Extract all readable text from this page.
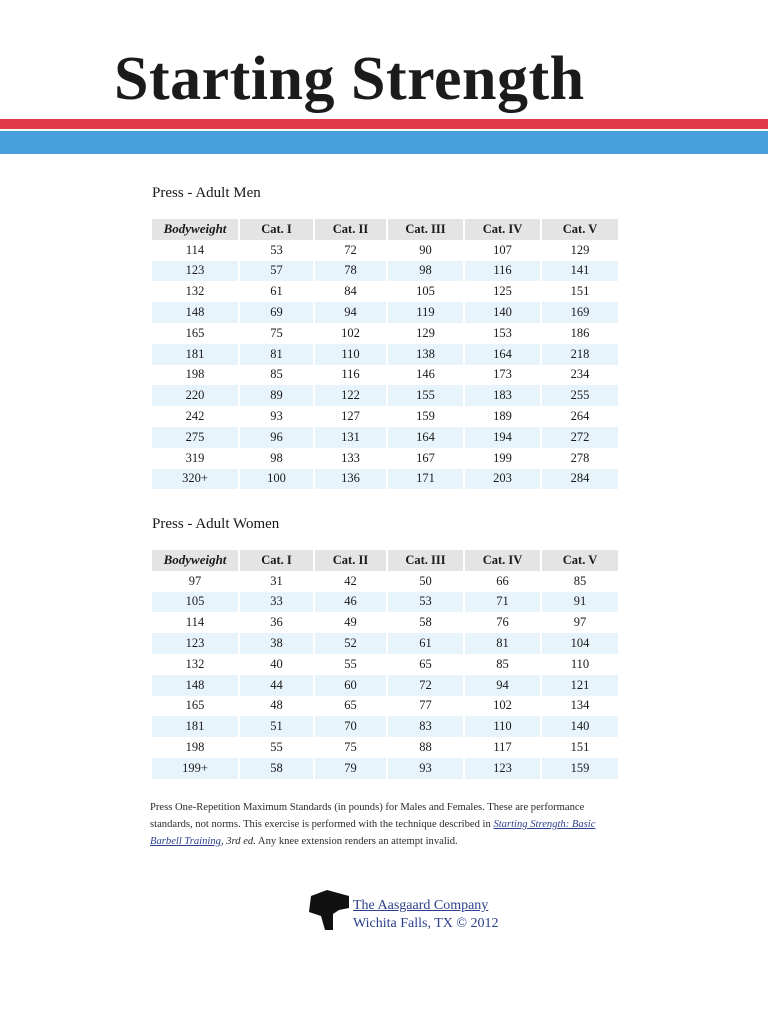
Starting Strength
Press - Adult Men
Bodyweight	Cat. I	Cat. II	Cat. III	Cat. IV	Cat. V
114	53	72	90	107	129
123	57	78	98	116	141
132	61	84	105	125	151
148	69	94	119	140	169
165	75	102	129	153	186
181	81	110	138	164	218
198	85	116	146	173	234
220	89	122	155	183	255
242	93	127	159	189	264
275	96	131	164	194	272
319	98	133	167	199	278
320+	100	136	171	203	284
Press - Adult Women
Bodyweight	Cat. I	Cat. II	Cat. III	Cat. IV	Cat. V
97	31	42	50	66	85
105	33	46	53	71	91
114	36	49	58	76	97
123	38	52	61	81	104
132	40	55	65	85	110
148	44	60	72	94	121
165	48	65	77	102	134
181	51	70	83	110	140
198	55	75	88	117	151
199+	58	79	93	123	159
Press One-Repetition Maximum Standards (in pounds) for Males and Females. These are performance standards, not norms. This exercise is performed with the technique described in Starting Strength: Basic Barbell Training, 3rd ed. Any knee extension renders an attempt invalid.
The Aasgaard Company
Wichita Falls, TX © 2012
